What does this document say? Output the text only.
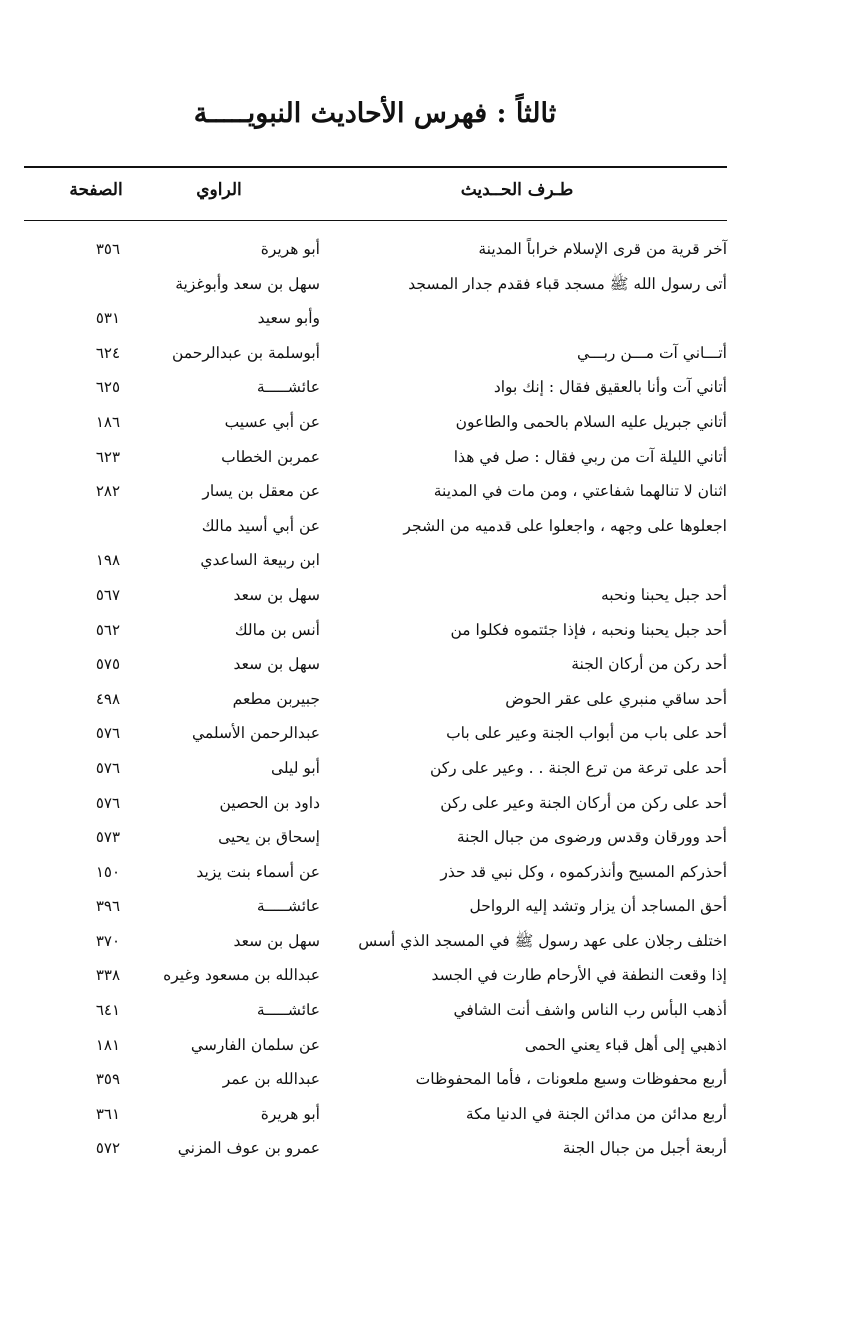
ثالثاً : فهرس الأحاديث النبويـــــة
طـرف الحــديث
الراوي
الصفحة
آخر قرية من قرى الإسلام خراباً المدينة
أبو هريرة
٣٥٦
أتى رسول الله ﷺ مسجد قباء فقدم جدار المسجد
سهل بن سعد وأبوغزية
وأبو سعيد
٥٣١
أتـــاني آت مـــن ربـــي
أبوسلمة بن عبدالرحمن
٦٢٤
أتاني آت وأنا بالعقيق فقال : إنك بواد
عائشـــــة
٦٢٥
أتاني جبريل عليه السلام بالحمى والطاعون
عن أبي عسيب
١٨٦
أتاني الليلة آت من ربي فقال : صل في هذا
عمربن الخطاب
٦٢٣
اثنان لا تنالهما شفاعتي ، ومن مات في المدينة
عن معقل بن يسار
٢٨٢
اجعلوها على وجهه ، واجعلوا على قدميه من الشجر
عن أبي أسيد مالك
ابن ربيعة الساعدي
١٩٨
أحد جبل يحبنا ونحبه
سهل بن سعد
٥٦٧
أحد جبل يحبنا ونحبه ، فإذا جئتموه فكلوا من
أنس بن مالك
٥٦٢
أحد ركن من أركان الجنة
سهل بن سعد
٥٧٥
أحد ساقي منبري على عقر الحوض
جبيربن مطعم
٤٩٨
أحد على باب من أبواب الجنة وعير على باب
عبدالرحمن الأسلمي
٥٧٦
أحد على ترعة من ترع الجنة . . وعير على ركن
أبو ليلى
٥٧٦
أحد على ركن من أركان الجنة وعير على ركن
داود بن الحصين
٥٧٦
أحد وورقان وقدس ورضوى من جبال الجنة
إسحاق بن يحيى
٥٧٣
أحذركم المسيح وأنذركموه ، وكل نبي قد حذر
عن أسماء بنت يزيد
١٥٠
أحق المساجد أن يزار وتشد إليه الرواحل
عائشـــــة
٣٩٦
اختلف رجلان على عهد رسول ﷺ في المسجد الذي أسس
سهل بن سعد
٣٧٠
إذا وقعت النطفة في الأرحام طارت في الجسد
عبدالله بن مسعود وغيره
٣٣٨
أذهب البأس رب الناس واشف أنت الشافي
عائشـــــة
٦٤١
اذهبي إلى أهل قباء يعني الحمى
عن سلمان الفارسي
١٨١
أربع محفوظات وسبع ملعونات ، فأما المحفوظات
عبدالله بن عمر
٣٥٩
أربع مدائن من مدائن الجنة في الدنيا مكة
أبو هريرة
٣٦١
أربعة أجبل من جبال الجنة
عمرو بن عوف المزني
٥٧٢
